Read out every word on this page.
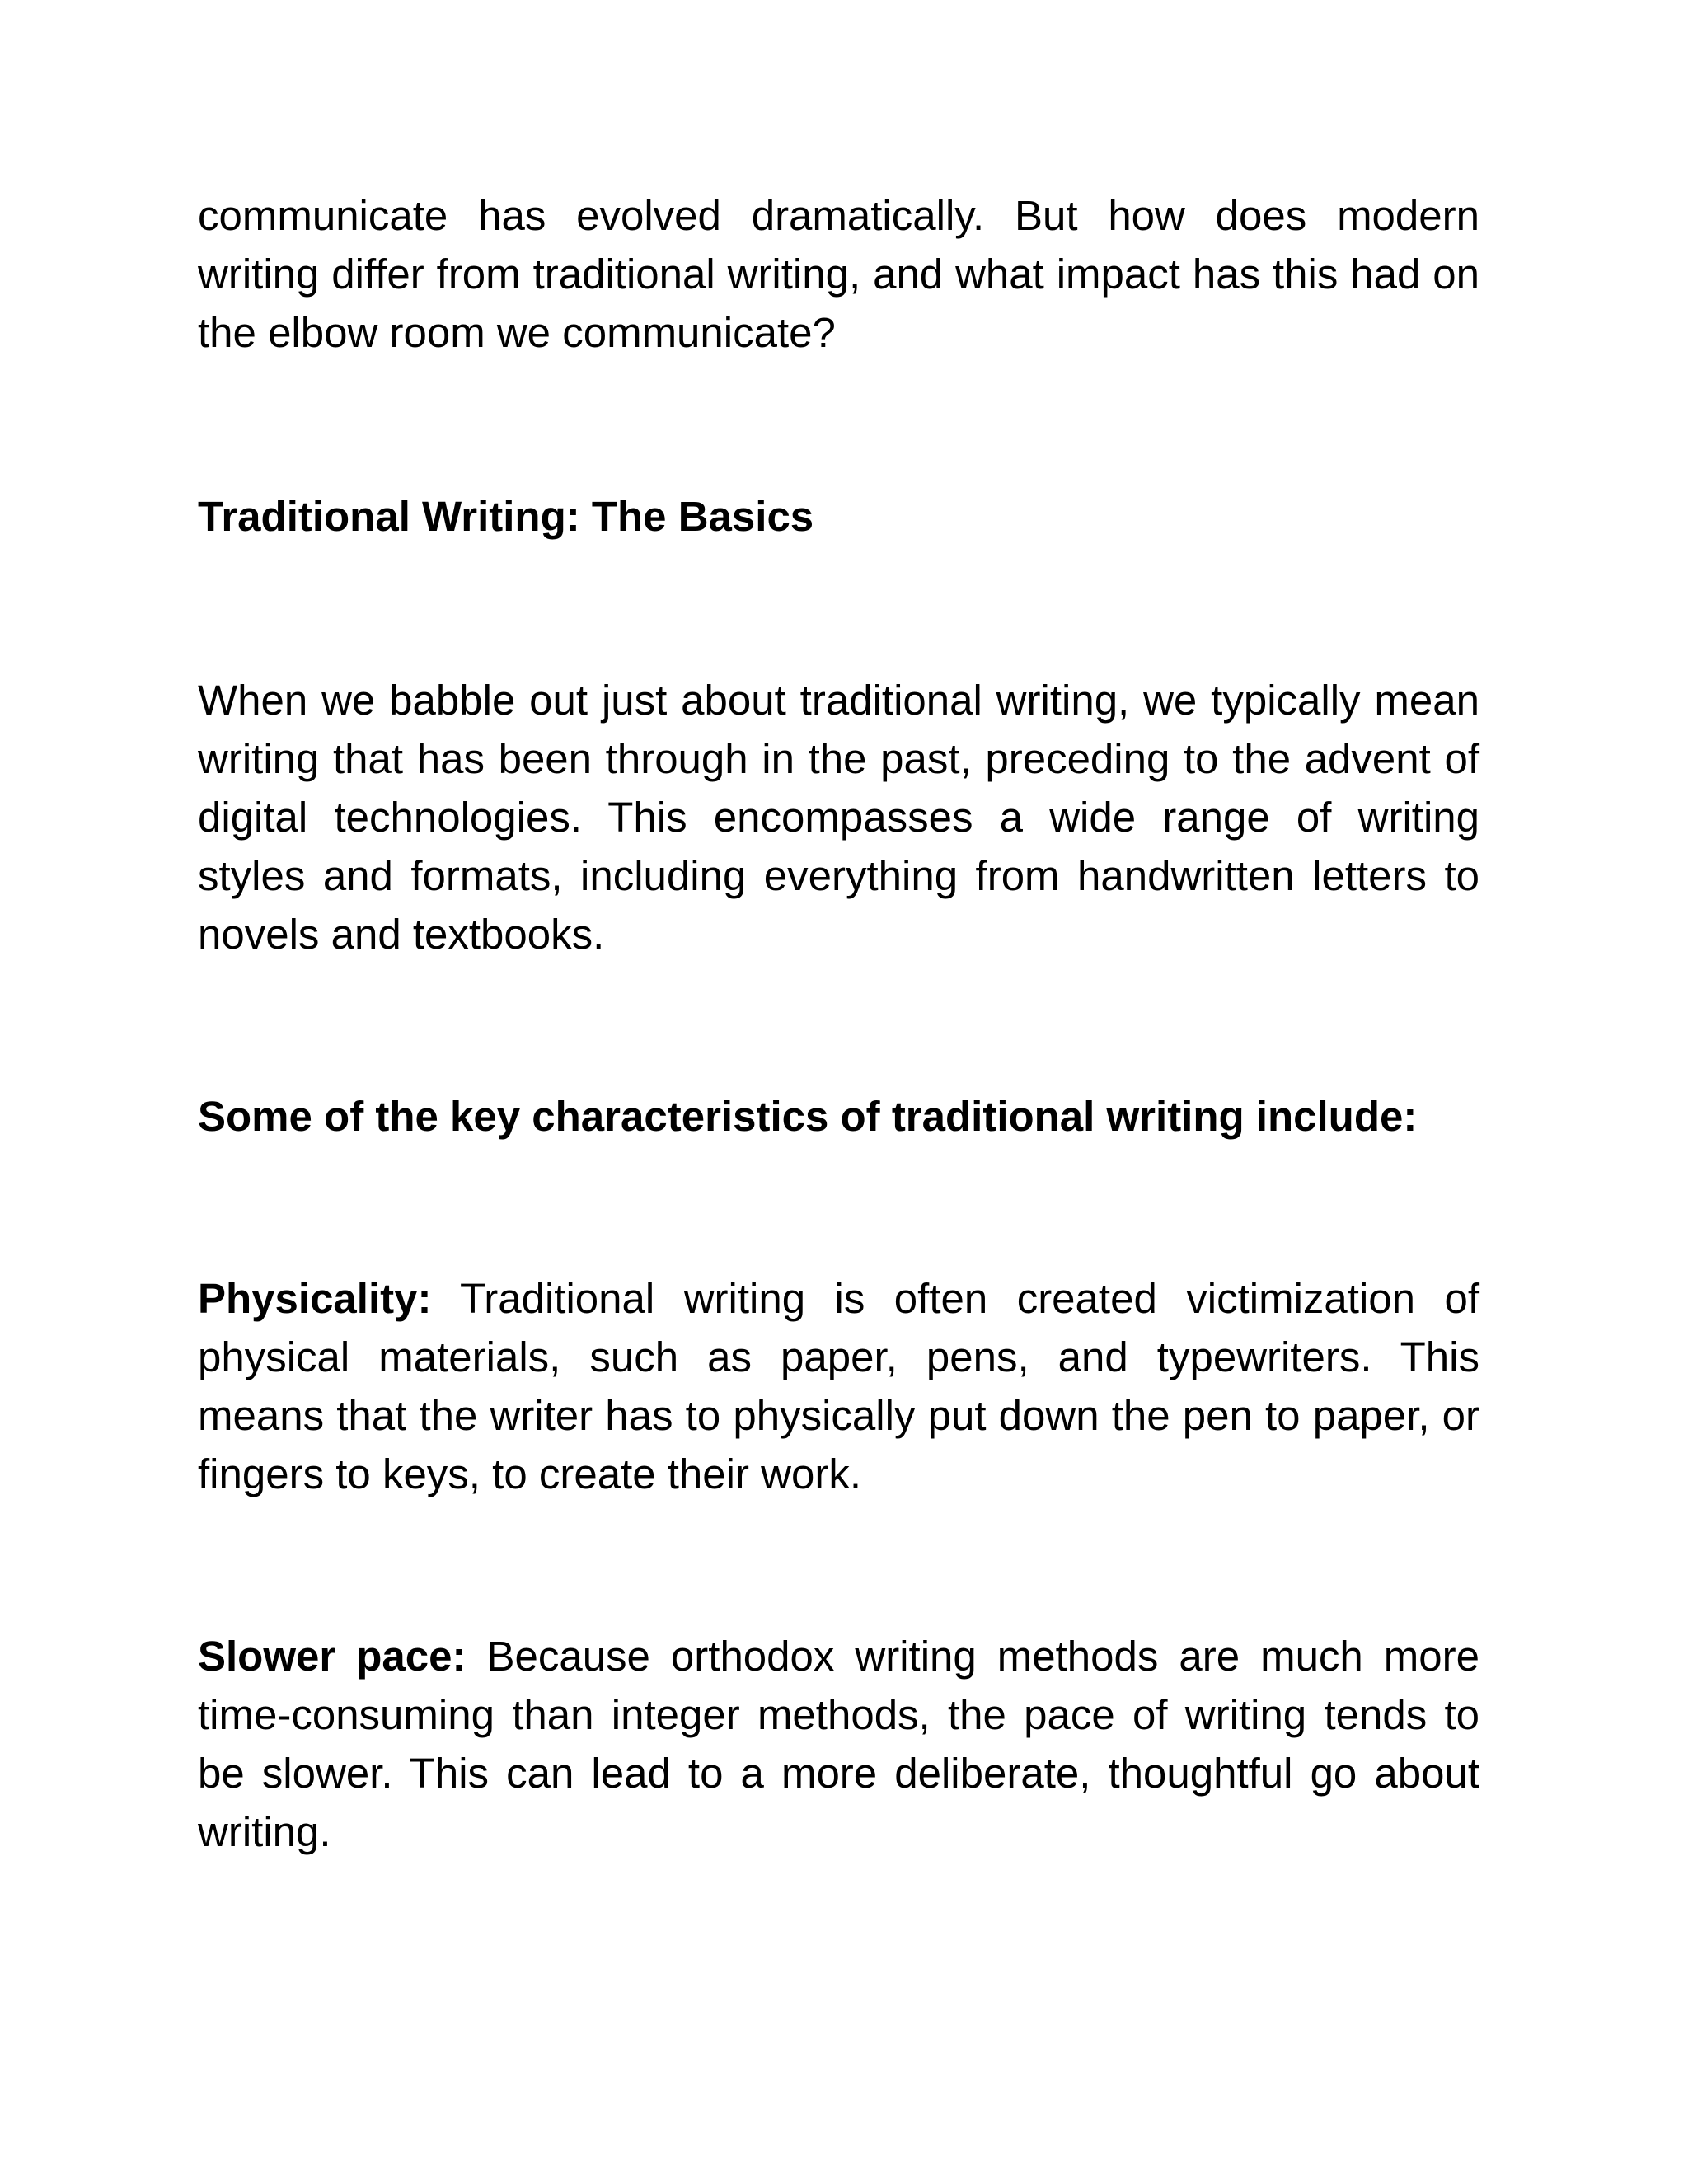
communicate has evolved dramatically. But how does modern writing differ from traditional writing, and what impact has this had on the elbow room we communicate?

Traditional Writing: The Basics

When we babble out just about traditional writing, we typically mean writing that has been through in the past, preceding to the advent of digital technologies. This encompasses a wide range of writing styles and formats, including everything from handwritten letters to novels and textbooks.

Some of the key characteristics of traditional writing include:

Physicality: Traditional writing is often created victimization of physical materials, such as paper, pens, and typewriters. This means that the writer has to physically put down the pen to paper, or fingers to keys, to create their work.

Slower pace: Because orthodox writing methods are much more time-consuming than integer methods, the pace of writing tends to be slower. This can lead to a more deliberate, thoughtful go about writing.
